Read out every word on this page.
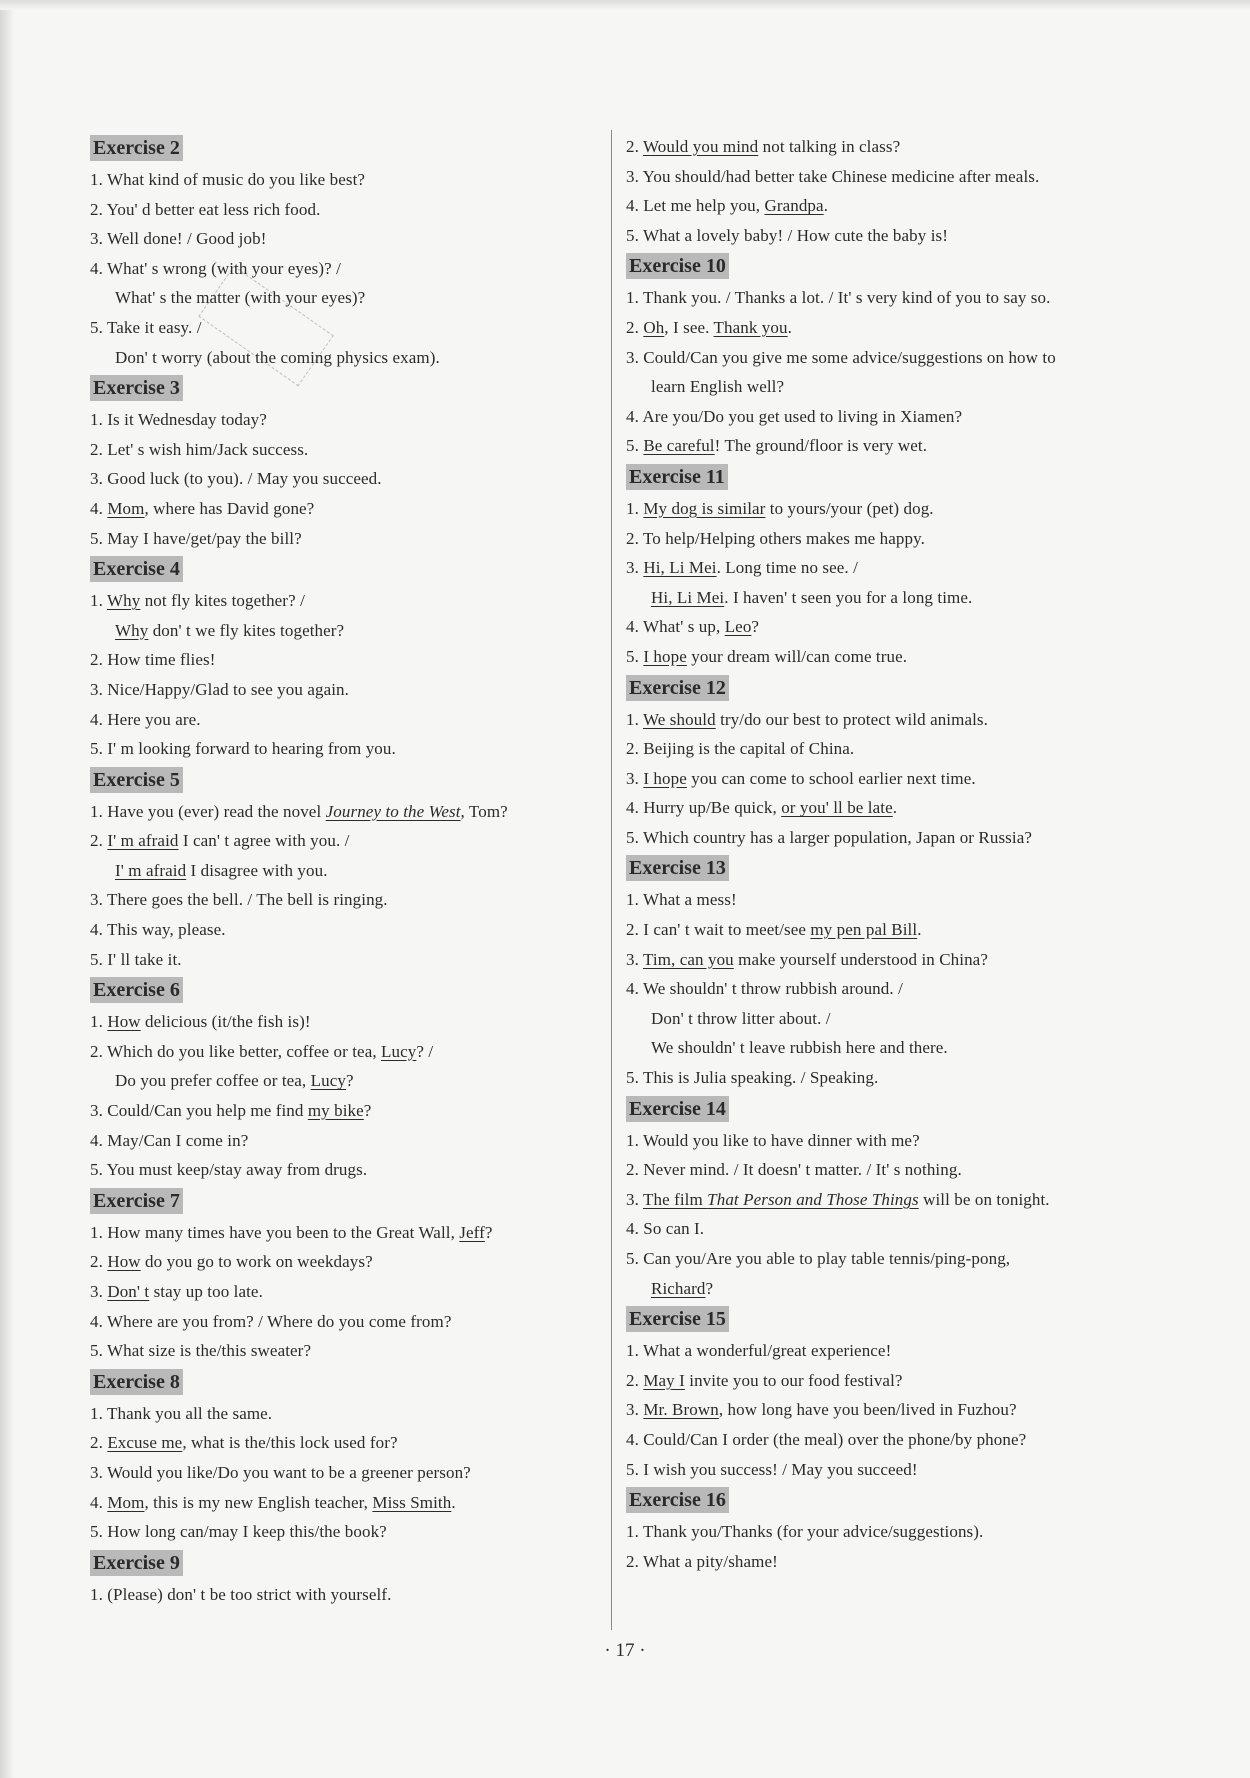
Exercise 2
1. What kind of music do you like best?
2. You' d better eat less rich food.
3. Well done! / Good job!
4. What' s wrong (with your eyes)? /
What' s the matter (with your eyes)?
5. Take it easy. /
Don' t worry (about the coming physics exam).
Exercise 3
1. Is it Wednesday today?
2. Let' s wish him/Jack success.
3. Good luck (to you). / May you succeed.
4. Mom, where has David gone?
5. May I have/get/pay the bill?
Exercise 4
1. Why not fly kites together? /
Why don' t we fly kites together?
2. How time flies!
3. Nice/Happy/Glad to see you again.
4. Here you are.
5. I' m looking forward to hearing from you.
Exercise 5
1. Have you (ever) read the novel Journey to the West, Tom?
2. I' m afraid I can' t agree with you. /
I' m afraid I disagree with you.
3. There goes the bell. / The bell is ringing.
4. This way, please.
5. I' ll take it.
Exercise 6
1. How delicious (it/the fish is)!
2. Which do you like better, coffee or tea, Lucy? /
Do you prefer coffee or tea, Lucy?
3. Could/Can you help me find my bike?
4. May/Can I come in?
5. You must keep/stay away from drugs.
Exercise 7
1. How many times have you been to the Great Wall, Jeff?
2. How do you go to work on weekdays?
3. Don' t stay up too late.
4. Where are you from? / Where do you come from?
5. What size is the/this sweater?
Exercise 8
1. Thank you all the same.
2. Excuse me, what is the/this lock used for?
3. Would you like/Do you want to be a greener person?
4. Mom, this is my new English teacher, Miss Smith.
5. How long can/may I keep this/the book?
Exercise 9
1. (Please) don' t be too strict with yourself.
2. Would you mind not talking in class?
3. You should/had better take Chinese medicine after meals.
4. Let me help you, Grandpa.
5. What a lovely baby! / How cute the baby is!
Exercise 10
1. Thank you. / Thanks a lot. / It' s very kind of you to say so.
2. Oh, I see. Thank you.
3. Could/Can you give me some advice/suggestions on how to
learn English well?
4. Are you/Do you get used to living in Xiamen?
5. Be careful! The ground/floor is very wet.
Exercise 11
1. My dog is similar to yours/your (pet) dog.
2. To help/Helping others makes me happy.
3. Hi, Li Mei. Long time no see. /
Hi, Li Mei. I haven' t seen you for a long time.
4. What' s up, Leo?
5. I hope your dream will/can come true.
Exercise 12
1. We should try/do our best to protect wild animals.
2. Beijing is the capital of China.
3. I hope you can come to school earlier next time.
4. Hurry up/Be quick, or you' ll be late.
5. Which country has a larger population, Japan or Russia?
Exercise 13
1. What a mess!
2. I can' t wait to meet/see my pen pal Bill.
3. Tim, can you make yourself understood in China?
4. We shouldn' t throw rubbish around. /
Don' t throw litter about. /
We shouldn' t leave rubbish here and there.
5. This is Julia speaking. / Speaking.
Exercise 14
1. Would you like to have dinner with me?
2. Never mind. / It doesn' t matter. / It' s nothing.
3. The film That Person and Those Things will be on tonight.
4. So can I.
5. Can you/Are you able to play table tennis/ping-pong,
Richard?
Exercise 15
1. What a wonderful/great experience!
2. May I invite you to our food festival?
3. Mr. Brown, how long have you been/lived in Fuzhou?
4. Could/Can I order (the meal) over the phone/by phone?
5. I wish you success! / May you succeed!
Exercise 16
1. Thank you/Thanks (for your advice/suggestions).
2. What a pity/shame!
· 17 ·
